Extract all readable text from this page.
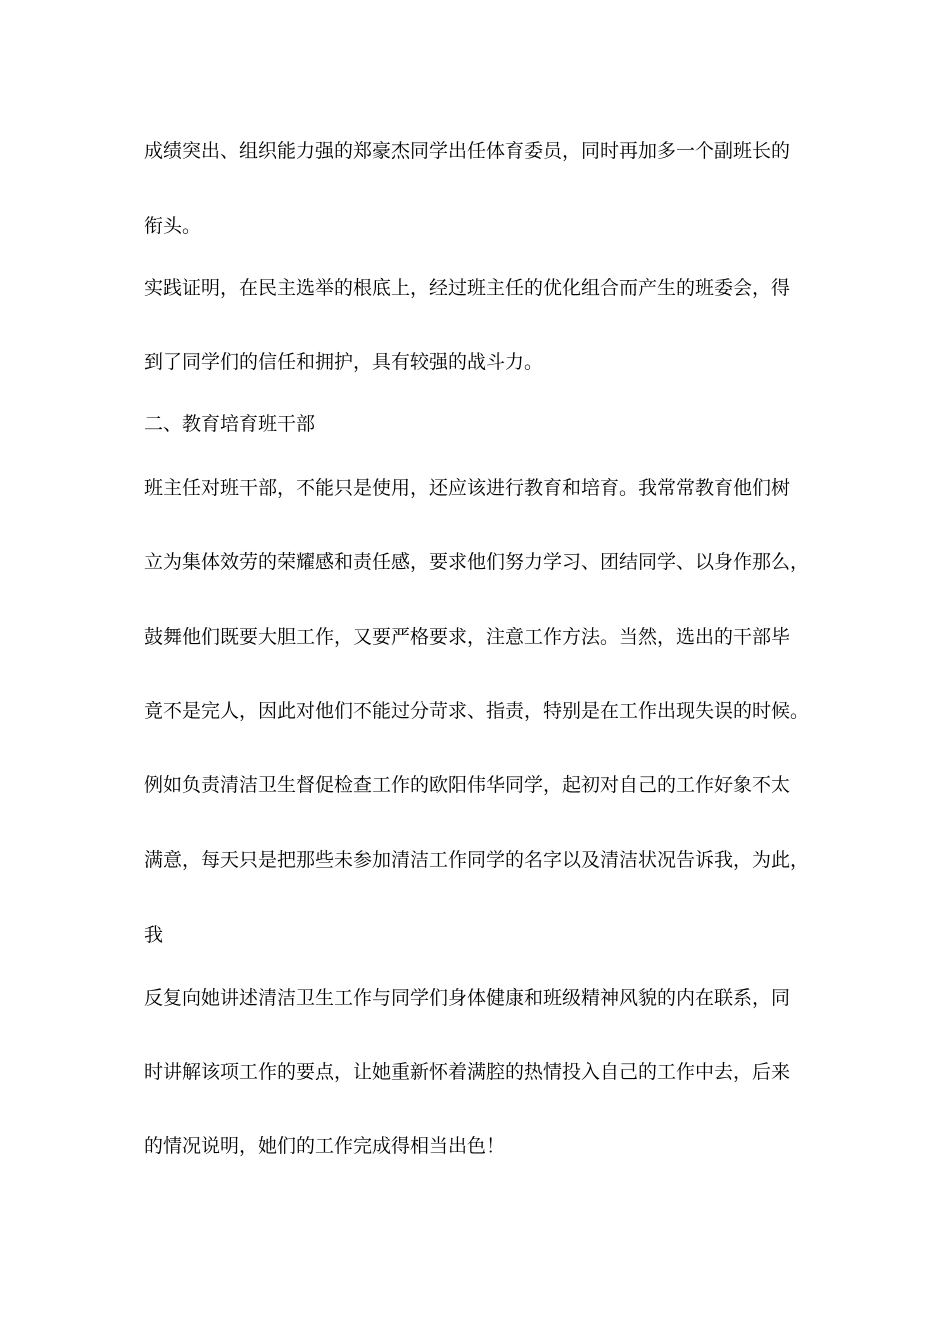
成绩突出、组织能力强的郑豪杰同学出任体育委员，同时再加多一个副班长的
衔头。
实践证明，在民主选举的根底上，经过班主任的优化组合而产生的班委会，得
到了同学们的信任和拥护，具有较强的战斗力。
二、教育培育班干部
班主任对班干部，不能只是使用，还应该进行教育和培育。我常常教育他们树
立为集体效劳的荣耀感和责任感，要求他们努力学习、团结同学、以身作那么，
鼓舞他们既要大胆工作，又要严格要求，注意工作方法。当然，选出的干部毕
竟不是完人，因此对他们不能过分苛求、指责，特别是在工作出现失误的时候。
例如负责清洁卫生督促检查工作的欧阳伟华同学，起初对自己的工作好象不太
满意，每天只是把那些未参加清洁工作同学的名字以及清洁状况告诉我，为此，
我
反复向她讲述清洁卫生工作与同学们身体健康和班级精神风貌的内在联系，同
时讲解该项工作的要点，让她重新怀着满腔的热情投入自己的工作中去，后来
的情况说明，她们的工作完成得相当出色！
